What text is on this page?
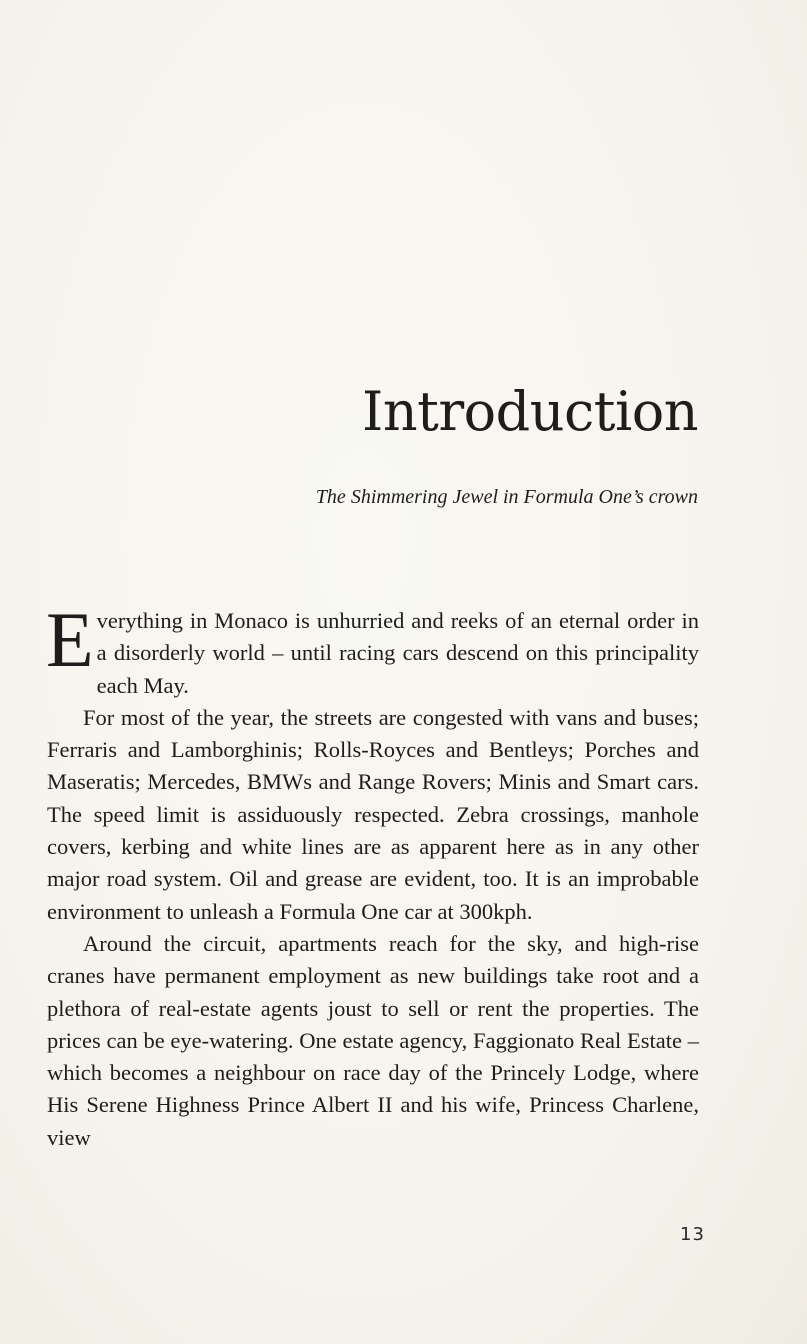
Introduction

The Shimmering Jewel in Formula One’s crown

Everything in Monaco is unhurried and reeks of an eternal order in a disorderly world – until racing cars descend on this principality each May.

For most of the year, the streets are congested with vans and buses; Ferraris and Lamborghinis; Rolls-Royces and Bentleys; Porches and Maseratis; Mercedes, BMWs and Range Rovers; Minis and Smart cars. The speed limit is assiduously respected. Zebra crossings, manhole covers, kerbing and white lines are as apparent here as in any other major road system. Oil and grease are evident, too. It is an improbable environment to unleash a Formula One car at 300kph.

Around the circuit, apartments reach for the sky, and high-rise cranes have permanent employment as new buildings take root and a plethora of real-estate agents joust to sell or rent the properties. The prices can be eye-watering. One estate agency, Faggionato Real Estate – which becomes a neighbour on race day of the Princely Lodge, where His Serene Highness Prince Albert II and his wife, Princess Charlene, view

13
